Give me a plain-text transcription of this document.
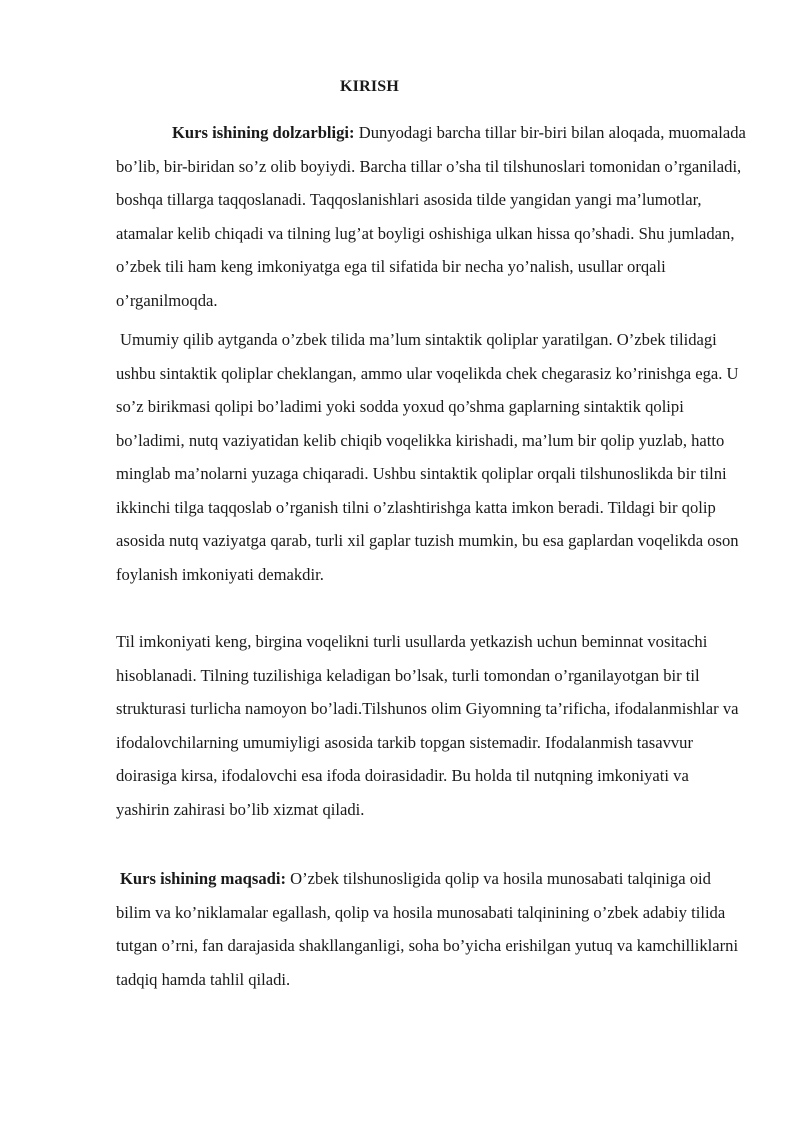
KIRISH

Kurs ishining dolzarbligi: Dunyodagi barcha tillar bir-biri bilan aloqada, muomalada bo’lib, bir-biridan so’z olib boyiydi. Barcha tillar o’sha til tilshunoslari tomonidan o’rganiladi, boshqa tillarga taqqoslanadi. Taqqoslanishlari asosida tilde yangidan yangi ma’lumotlar, atamalar kelib chiqadi va tilning lug’at boyligi oshishiga ulkan hissa qo’shadi. Shu jumladan, o’zbek tili ham keng imkoniyatga ega til sifatida bir necha yo’nalish, usullar orqali o’rganilmoqda.

Umumiy qilib aytganda o’zbek tilida ma’lum sintaktik qoliplar yaratilgan. O’zbek tilidagi ushbu sintaktik qoliplar cheklangan, ammo ular voqelikda chek chegarasiz ko’rinishga ega. U so’z birikmasi qolipi bo’ladimi yoki sodda yoxud qo’shma gaplarning sintaktik qolipi bo’ladimi, nutq vaziyatidan kelib chiqib voqelikka kirishadi, ma’lum bir qolip yuzlab, hatto minglab ma’nolarni yuzaga chiqaradi. Ushbu sintaktik qoliplar orqali tilshunoslikda bir tilni ikkinchi tilga taqqoslab o’rganish tilni o’zlashtirishga katta imkon beradi. Tildagi bir qolip asosida nutq vaziyatga qarab, turli xil gaplar tuzish mumkin, bu esa gaplardan voqelikda oson foylanish imkoniyati demakdir.

Til imkoniyati keng, birgina voqelikni turli usullarda yetkazish uchun beminnat vositachi hisoblanadi. Tilning tuzilishiga keladigan bo’lsak, turli tomondan o’rganilayotgan bir til strukturasi turlicha namoyon bo’ladi.Tilshunos olim Giyomning ta’rificha, ifodalanmishlar va ifodalovchilarning umumiyligi asosida tarkib topgan sistemadir. Ifodalanmish tasavvur doirasiga kirsa, ifodalovchi esa ifoda doirasidadir. Bu holda til nutqning imkoniyati va yashirin zahirasi bo’lib xizmat qiladi.

Kurs ishining maqsadi: O’zbek tilshunosligida qolip va hosila munosabati talqiniga oid bilim va ko’niklamalar egallash, qolip va hosila munosabati talqinining o’zbek adabiy tilida tutgan o’rni, fan darajasida shakllanganligi, soha bo’yicha erishilgan yutuq va kamchilliklarni tadqiq hamda tahlil qiladi.
